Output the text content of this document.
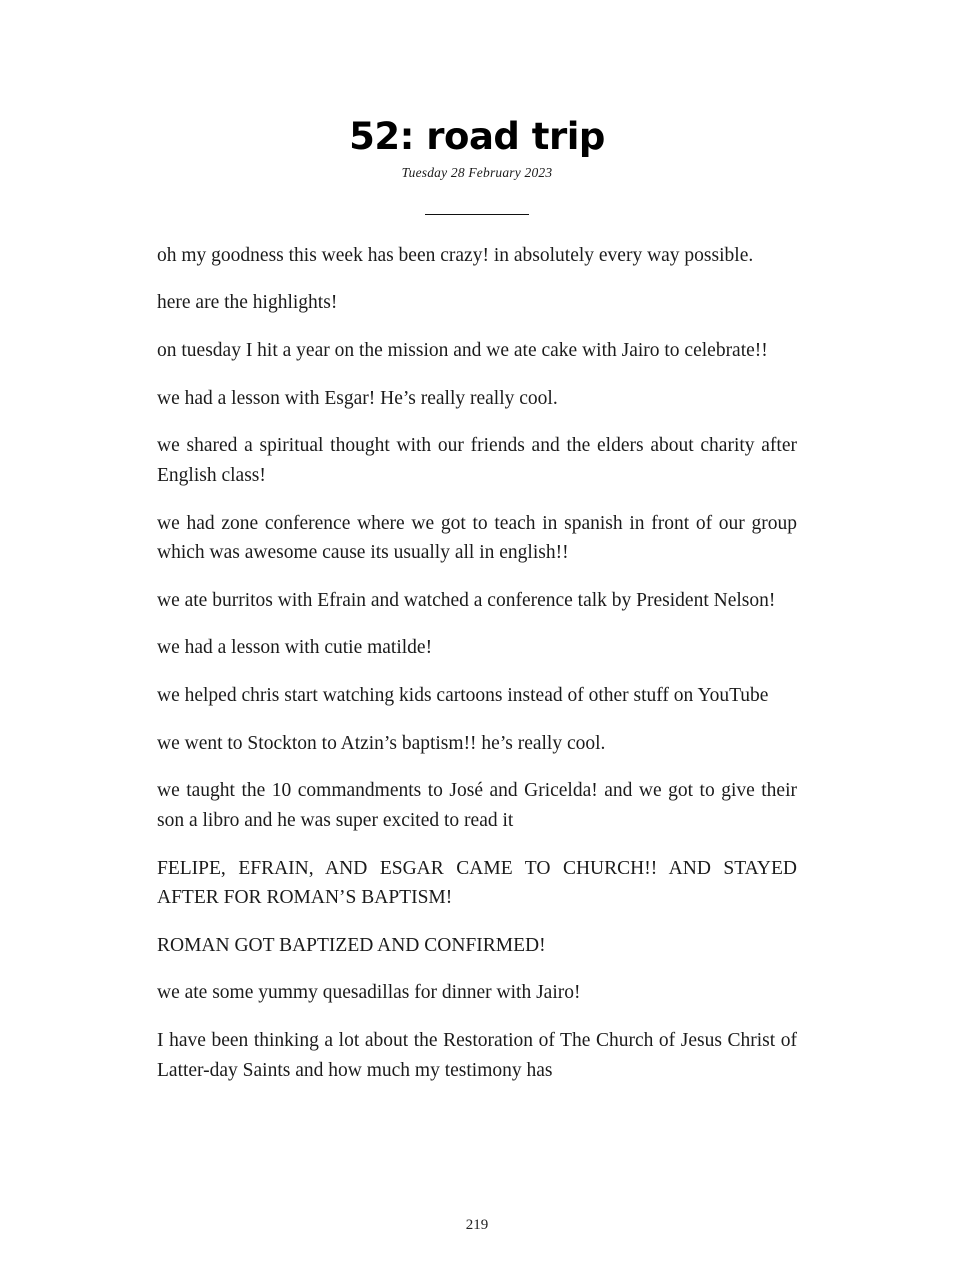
52: road trip
Tuesday 28 February 2023

oh my goodness this week has been crazy! in absolutely every way possible.

here are the highlights!

on tuesday I hit a year on the mission and we ate cake with Jairo to celebrate!!

we had a lesson with Esgar! He’s really really cool.

we shared a spiritual thought with our friends and the elders about charity after English class!

we had zone conference where we got to teach in spanish in front of our group which was awesome cause its usually all in english!!

we ate burritos with Efrain and watched a conference talk by President Nelson!

we had a lesson with cutie matilde!

we helped chris start watching kids cartoons instead of other stuff on YouTube

we went to Stockton to Atzin’s baptism!! he’s really cool.

we taught the 10 commandments to José and Gricelda! and we got to give their son a libro and he was super excited to read it

FELIPE, EFRAIN, AND ESGAR CAME TO CHURCH!! AND STAYED AFTER FOR ROMAN’S BAPTISM!

ROMAN GOT BAPTIZED AND CONFIRMED!

we ate some yummy quesadillas for dinner with Jairo!

I have been thinking a lot about the Restoration of The Church of Jesus Christ of Latter-day Saints and how much my testimony has

219
